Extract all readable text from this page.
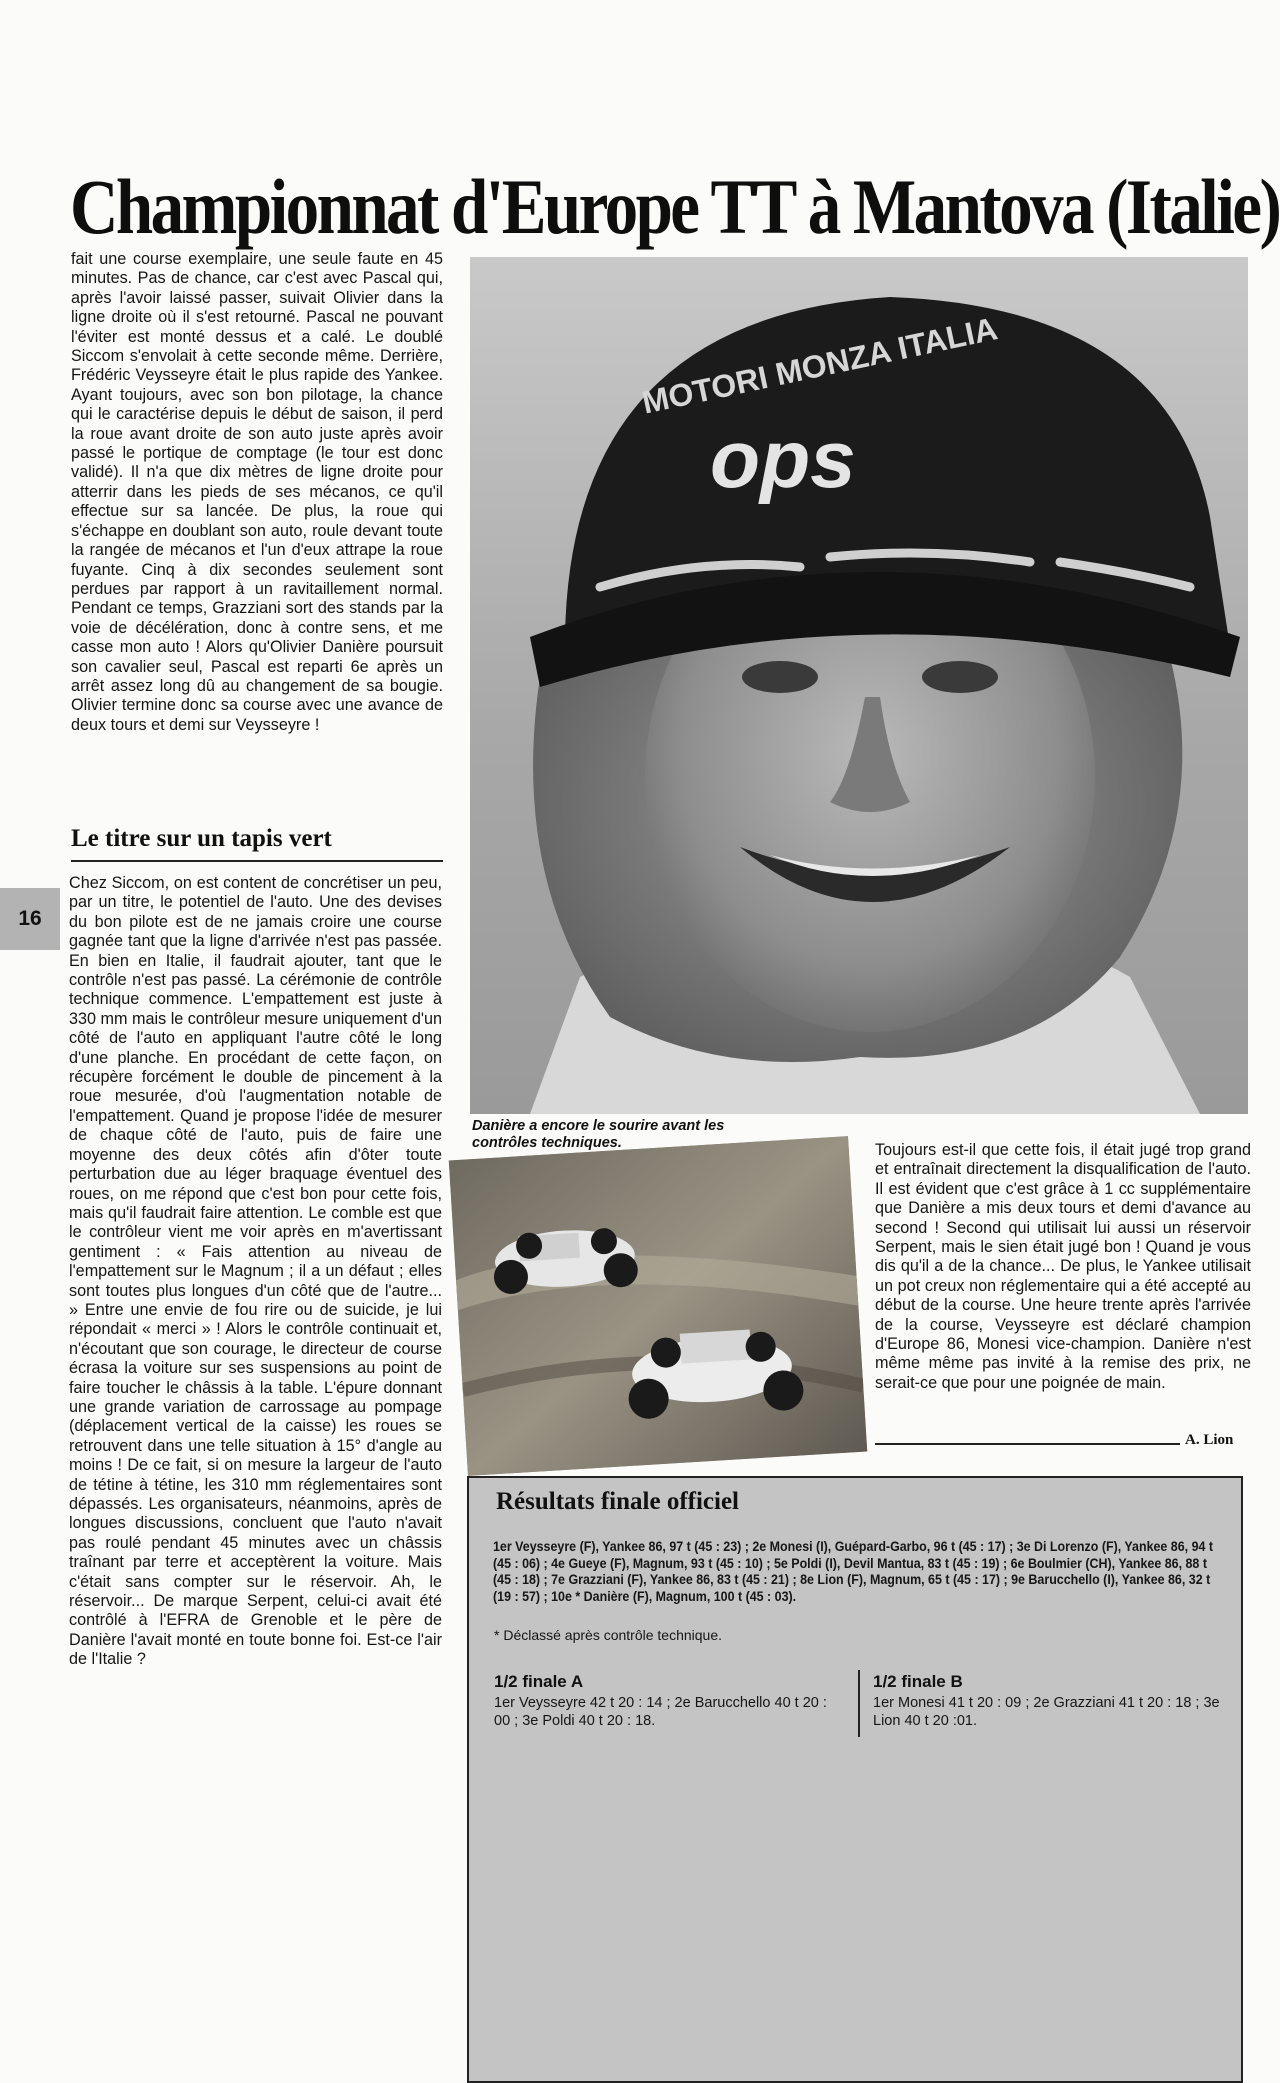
Championnat d'Europe TT à Mantova (Italie)
fait une course exemplaire, une seule faute en 45 minutes. Pas de chance, car c'est avec Pascal qui, après l'avoir laissé passer, suivait Olivier dans la ligne droite où il s'est retourné. Pascal ne pouvant l'éviter est monté dessus et a calé. Le doublé Siccom s'envolait à cette seconde même. Derrière, Frédéric Veysseyre était le plus rapide des Yankee. Ayant toujours, avec son bon pilotage, la chance qui le caractérise depuis le début de saison, il perd la roue avant droite de son auto juste après avoir passé le portique de comptage (le tour est donc validé). Il n'a que dix mètres de ligne droite pour atterrir dans les pieds de ses mécanos, ce qu'il effectue sur sa lancée. De plus, la roue qui s'échappe en doublant son auto, roule devant toute la rangée de mécanos et l'un d'eux attrape la roue fuyante. Cinq à dix secondes seulement sont perdues par rapport à un ravitaillement normal. Pendant ce temps, Grazziani sort des stands par la voie de décélération, donc à contre sens, et me casse mon auto ! Alors qu'Olivier Danière poursuit son cavalier seul, Pascal est reparti 6e après un arrêt assez long dû au changement de sa bougie. Olivier termine donc sa course avec une avance de deux tours et demi sur Veysseyre !
Le titre sur un tapis vert
16
Chez Siccom, on est content de concrétiser un peu, par un titre, le potentiel de l'auto. Une des devises du bon pilote est de ne jamais croire une course gagnée tant que la ligne d'arrivée n'est pas passée. En bien en Italie, il faudrait ajouter, tant que le contrôle n'est pas passé. La cérémonie de contrôle technique commence. L'empattement est juste à 330 mm mais le contrôleur mesure uniquement d'un côté de l'auto en appliquant l'autre côté le long d'une planche. En procédant de cette façon, on récupère forcément le double de pincement à la roue mesurée, d'où l'augmentation notable de l'empattement. Quand je propose l'idée de mesurer de chaque côté de l'auto, puis de faire une moyenne des deux côtés afin d'ôter toute perturbation due au léger braquage éventuel des roues, on me répond que c'est bon pour cette fois, mais qu'il faudrait faire attention. Le comble est que le contrôleur vient me voir après en m'avertissant gentiment : « Fais attention au niveau de l'empattement sur le Magnum ; il a un défaut ; elles sont toutes plus longues d'un côté que de l'autre... » Entre une envie de fou rire ou de suicide, je lui répondait « merci » ! Alors le contrôle continuait et, n'écoutant que son courage, le directeur de course écrasa la voiture sur ses suspensions au point de faire toucher le châssis à la table. L'épure donnant une grande variation de carrossage au pompage (déplacement vertical de la caisse) les roues se retrouvent dans une telle situation à 15° d'angle au moins ! De ce fait, si on mesure la largeur de l'auto de tétine à tétine, les 310 mm réglementaires sont dépassés. Les organisateurs, néanmoins, après de longues discussions, concluent que l'auto n'avait pas roulé pendant 45 minutes avec un châssis traînant par terre et acceptèrent la voiture. Mais c'était sans compter sur le réservoir. Ah, le réservoir... De marque Serpent, celui-ci avait été contrôlé à l'EFRA de Grenoble et le père de Danière l'avait monté en toute bonne foi. Est-ce l'air de l'Italie ?
MOTORI MONZA ITALIA
ops
Danière a encore le sourire avant les contrôles techniques.	Toujours est-il que cette fois, il était jugé trop grand et entraînait directement la disqualification de l'auto. Il est évident que c'est grâce à 1 cc supplémentaire que Danière a mis deux tours et demi d'avance au second ! Second qui utilisait lui aussi un réservoir Serpent, mais le sien était jugé bon ! Quand je vous dis qu'il a de la chance... De plus, le Yankee utilisait un pot creux non réglementaire qui a été accepté au début de la course. Une heure trente après l'arrivée de la course, Veysseyre est déclaré champion d'Europe 86, Monesi vice-champion. Danière n'est même même pas invité à la remise des prix, ne serait-ce que pour une poignée de main.
A. Lion
Résultats finale officiel
1er Veysseyre (F), Yankee 86, 97 t (45 : 23) ; 2e Monesi (I), Guépard-Garbo, 96 t (45 : 17) ; 3e Di Lorenzo (F), Yankee 86, 94 t (45 : 06) ; 4e Gueye (F), Magnum, 93 t (45 : 10) ; 5e Poldi (I), Devil Mantua, 83 t (45 : 19) ; 6e Boulmier (CH), Yankee 86, 88 t (45 : 18) ; 7e Grazziani (F), Yankee 86, 83 t (45 : 21) ; 8e Lion (F), Magnum, 65 t (45 : 17) ; 9e Barucchello (I), Yankee 86, 32 t (19 : 57) ; 10e * Danière (F), Magnum, 100 t (45 : 03).
* Déclassé après contrôle technique.
1/2 finale A
1er Veysseyre 42 t 20 : 14 ; 2e Barucchello 40 t 20 : 00 ; 3e Poldi 40 t 20 : 18.
1/2 finale B
1er Monesi 41 t 20 : 09 ; 2e Grazziani 41 t 20 : 18 ; 3e Lion 40 t 20 :01.
